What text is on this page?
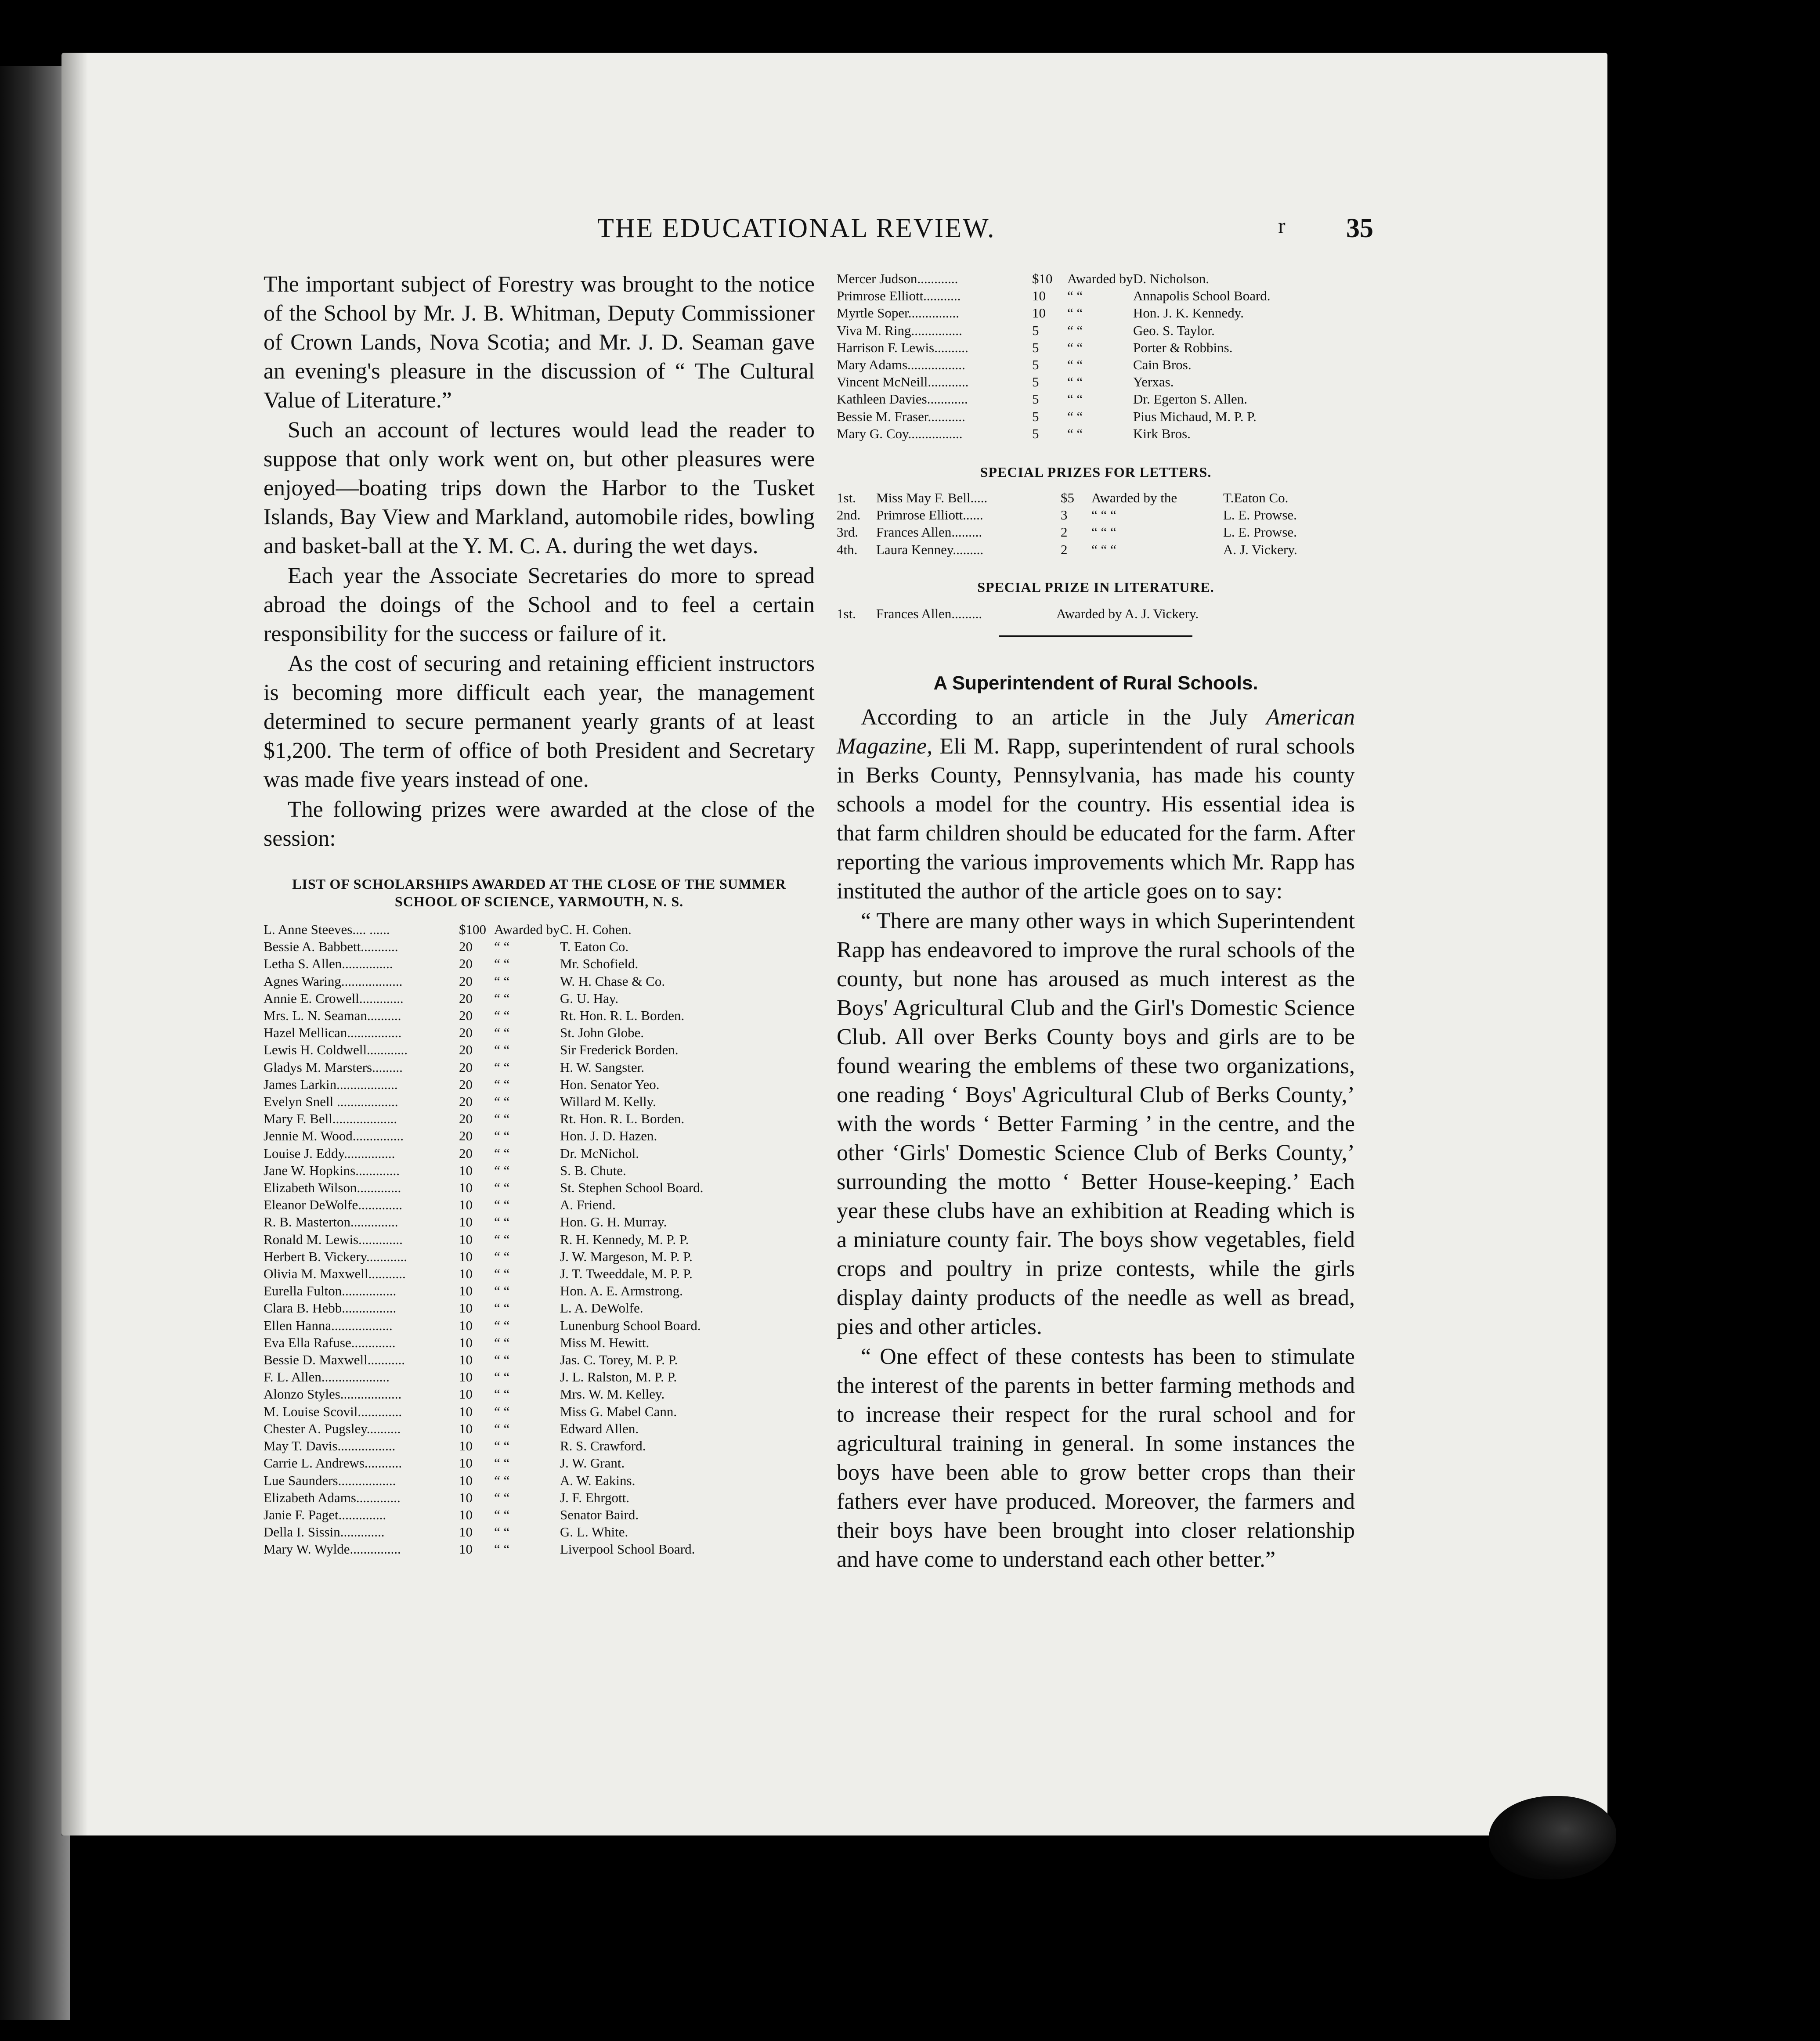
THE EDUCATIONAL REVIEW.	r 35

The important subject of Forestry was brought to the notice of the School by Mr. J. B. Whitman, Deputy Commissioner of Crown Lands, Nova Scotia; and Mr. J. D. Seaman gave an evening's pleasure in the discussion of “ The Cultural Value of Literature.”

Such an account of lectures would lead the reader to suppose that only work went on, but other pleasures were enjoyed—boating trips down the Harbor to the Tusket Islands, Bay View and Markland, automobile rides, bowling and basket-ball at the Y. M. C. A. during the wet days.

Each year the Associate Secretaries do more to spread abroad the doings of the School and to feel a certain responsibility for the success or failure of it.

As the cost of securing and retaining efficient instructors is becoming more difficult each year, the management determined to secure permanent yearly grants of at least $1,200. The term of office of both President and Secretary was made five years instead of one.

The following prizes were awarded at the close of the session:

LIST OF SCHOLARSHIPS AWARDED AT THE CLOSE OF THE SUMMER SCHOOL OF SCIENCE, YARMOUTH, N. S.

L. Anne Steeves.... ......	$100	Awarded by	C. H. Cohen.
Bessie A. Babbett...........	20	“ “	T. Eaton Co.
Letha S. Allen...............	20	“ “	Mr. Schofield.
Agnes Waring..................	20	“ “	W. H. Chase & Co.
Annie E. Crowell.............	20	“ “	G. U. Hay.
Mrs. L. N. Seaman..........	20	“ “	Rt. Hon. R. L. Borden.
Hazel Mellican................	20	“ “	St. John Globe.
Lewis H. Coldwell............	20	“ “	Sir Frederick Borden.
Gladys M. Marsters.........	20	“ “	H. W. Sangster.
James Larkin..................	20	“ “	Hon. Senator Yeo.
Evelyn Snell ..................	20	“ “	Willard M. Kelly.
Mary F. Bell...................	20	“ “	Rt. Hon. R. L. Borden.
Jennie M. Wood...............	20	“ “	Hon. J. D. Hazen.
Louise J. Eddy...............	20	“ “	Dr. McNichol.
Jane W. Hopkins.............	10	“ “	S. B. Chute.
Elizabeth Wilson.............	10	“ “	St. Stephen School Board.
Eleanor DeWolfe.............	10	“ “	A. Friend.
R. B. Masterton..............	10	“ “	Hon. G. H. Murray.
Ronald M. Lewis.............	10	“ “	R. H. Kennedy, M. P. P.
Herbert B. Vickery............	10	“ “	J. W. Margeson, M. P. P.
Olivia M. Maxwell...........	10	“ “	J. T. Tweeddale, M. P. P.
Eurella Fulton................	10	“ “	Hon. A. E. Armstrong.
Clara B. Hebb................	10	“ “	L. A. DeWolfe.
Ellen Hanna..................	10	“ “	Lunenburg School Board.
Eva Ella Rafuse.............	10	“ “	Miss M. Hewitt.
Bessie D. Maxwell...........	10	“ “	Jas. C. Torey, M. P. P.
F. L. Allen....................	10	“ “	J. L. Ralston, M. P. P.
Alonzo Styles..................	10	“ “	Mrs. W. M. Kelley.
M. Louise Scovil.............	10	“ “	Miss G. Mabel Cann.
Chester A. Pugsley..........	10	“ “	Edward Allen.
May T. Davis.................	10	“ “	R. S. Crawford.
Carrie L. Andrews...........	10	“ “	J. W. Grant.
Lue Saunders.................	10	“ “	A. W. Eakins.
Elizabeth Adams.............	10	“ “	J. F. Ehrgott.
Janie F. Paget..............	10	“ “	Senator Baird.
Della I. Sissin.............	10	“ “	G. L. White.
Mary W. Wylde...............	10	“ “	Liverpool School Board.
Mercer Judson............	$10	Awarded by	D. Nicholson.
Primrose Elliott...........	10	“ “	Annapolis School Board.
Myrtle Soper...............	10	“ “	Hon. J. K. Kennedy.
Viva M. Ring...............	5	“ “	Geo. S. Taylor.
Harrison F. Lewis..........	5	“ “	Porter & Robbins.
Mary Adams.................	5	“ “	Cain Bros.
Vincent McNeill............	5	“ “	Yerxas.
Kathleen Davies............	5	“ “	Dr. Egerton S. Allen.
Bessie M. Fraser...........	5	“ “	Pius Michaud, M. P. P.
Mary G. Coy................	5	“ “	Kirk Bros.

SPECIAL PRIZES FOR LETTERS.

1st.	Miss May F. Bell.....	$5	Awarded by the	T.Eaton Co.
2nd.	Primrose Elliott......	3	“ “ “	L. E. Prowse.
3rd.	Frances Allen.........	2	“ “ “	L. E. Prowse.
4th.	Laura Kenney.........	2	“ “ “	A. J. Vickery.

SPECIAL PRIZE IN LITERATURE.

1st.	Frances Allen.........	Awarded by A. J. Vickery.
A Superintendent of Rural Schools.

According to an article in the July American Magazine, Eli M. Rapp, superintendent of rural schools in Berks County, Pennsylvania, has made his county schools a model for the country. His essential idea is that farm children should be educated for the farm. After reporting the various improvements which Mr. Rapp has instituted the author of the article goes on to say:

“ There are many other ways in which Superintendent Rapp has endeavored to improve the rural schools of the county, but none has aroused as much interest as the Boys' Agricultural Club and the Girl's Domestic Science Club. All over Berks County boys and girls are to be found wearing the emblems of these two organizations, one reading ‘ Boys' Agricultural Club of Berks County,’ with the words ‘ Better Farming ’ in the centre, and the other ‘Girls' Domestic Science Club of Berks County,’ surrounding the motto ‘ Better House-keeping.’ Each year these clubs have an exhibition at Reading which is a miniature county fair. The boys show vegetables, field crops and poultry in prize contests, while the girls display dainty products of the needle as well as bread, pies and other articles.

“ One effect of these contests has been to stimulate the interest of the parents in better farming methods and to increase their respect for the rural school and for agricultural training in general. In some instances the boys have been able to grow better crops than their fathers ever have produced. Moreover, the farmers and their boys have been brought into closer relationship and have come to understand each other better.”
